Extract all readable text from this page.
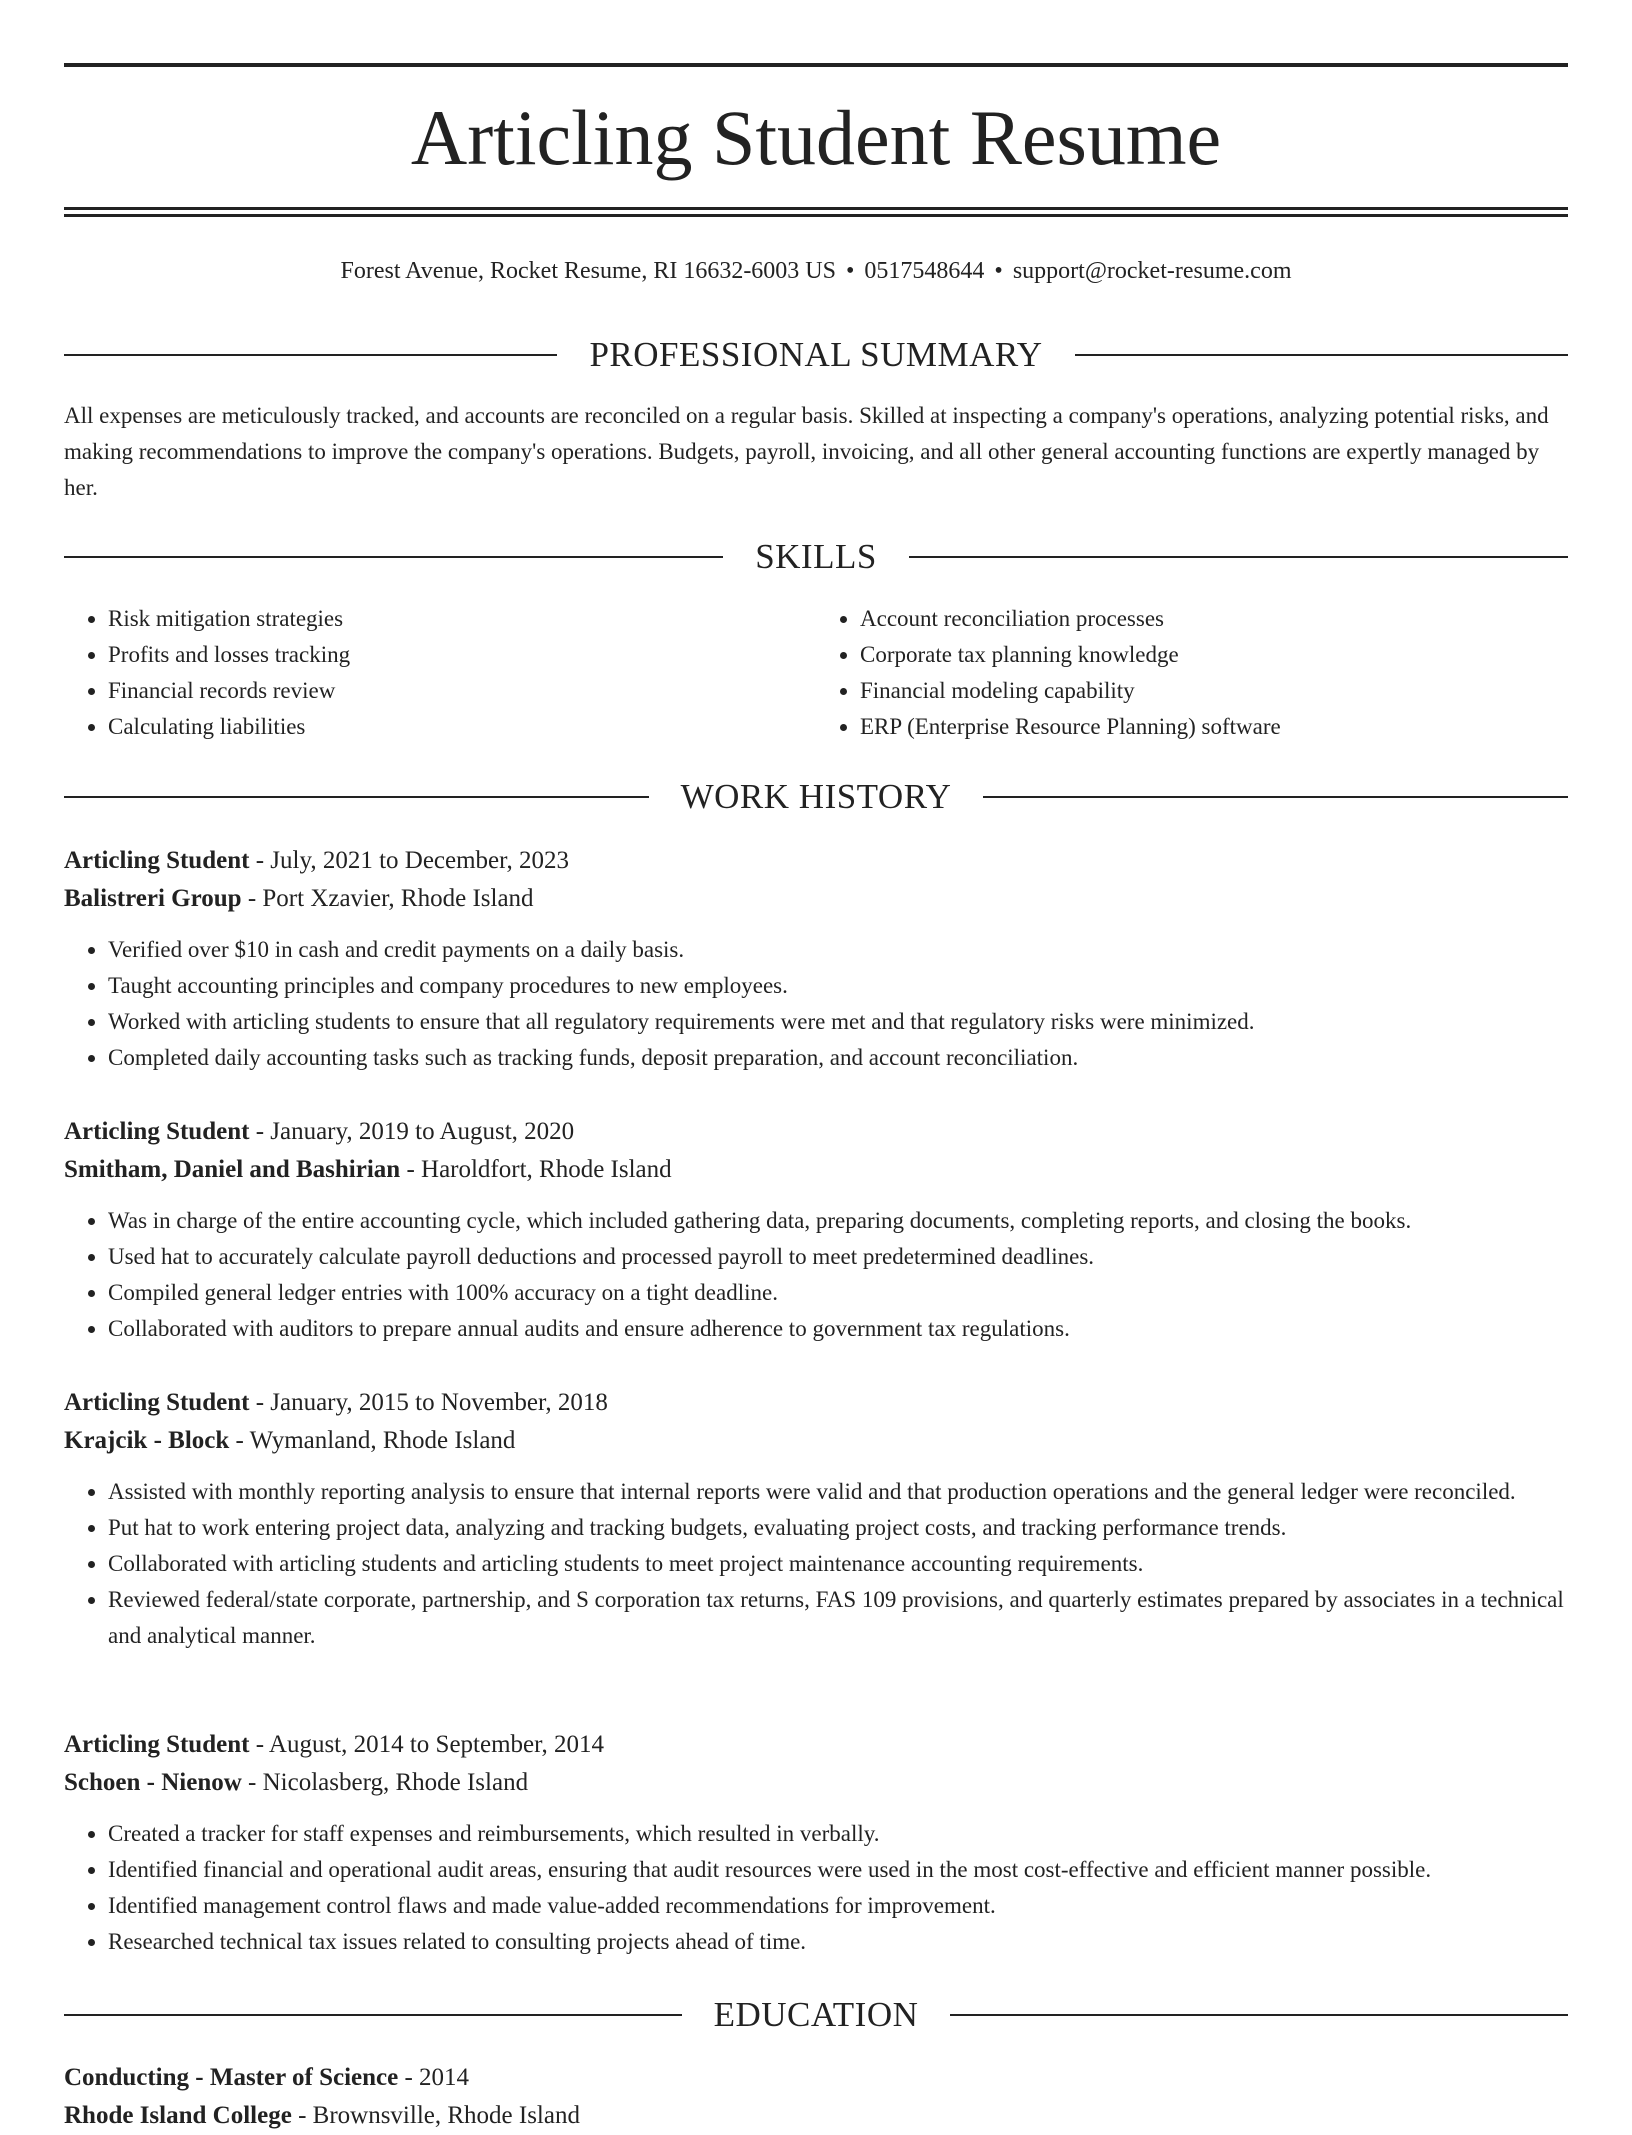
Articling Student Resume
Forest Avenue, Rocket Resume, RI 16632-6003 US • 0517548644 • support@rocket-resume.com
PROFESSIONAL SUMMARY

All expenses are meticulously tracked, and accounts are reconciled on a regular basis. Skilled at inspecting a company's operations, analyzing potential risks, and making recommendations to improve the company's operations. Budgets, payroll, invoicing, and all other general accounting functions are expertly managed by her.

SKILLS
• Risk mitigation strategies
• Profits and losses tracking
• Financial records review
• Calculating liabilities
• Account reconciliation processes
• Corporate tax planning knowledge
• Financial modeling capability
• ERP (Enterprise Resource Planning) software
WORK HISTORY
Articling Student - July, 2021 to December, 2023
Balistreri Group - Port Xzavier, Rhode Island
• Verified over $10 in cash and credit payments on a daily basis.
• Taught accounting principles and company procedures to new employees.
• Worked with articling students to ensure that all regulatory requirements were met and that regulatory risks were minimized.
• Completed daily accounting tasks such as tracking funds, deposit preparation, and account reconciliation.
Articling Student - January, 2019 to August, 2020
Smitham, Daniel and Bashirian - Haroldfort, Rhode Island
• Was in charge of the entire accounting cycle, which included gathering data, preparing documents, completing reports, and closing the books.
• Used hat to accurately calculate payroll deductions and processed payroll to meet predetermined deadlines.
• Compiled general ledger entries with 100% accuracy on a tight deadline.
• Collaborated with auditors to prepare annual audits and ensure adherence to government tax regulations.
Articling Student - January, 2015 to November, 2018
Krajcik - Block - Wymanland, Rhode Island
• Assisted with monthly reporting analysis to ensure that internal reports were valid and that production operations and the general ledger were reconciled.
• Put hat to work entering project data, analyzing and tracking budgets, evaluating project costs, and tracking performance trends.
• Collaborated with articling students and articling students to meet project maintenance accounting requirements.
• Reviewed federal/state corporate, partnership, and S corporation tax returns, FAS 109 provisions, and quarterly estimates prepared by associates in a technical and analytical manner.
Articling Student - August, 2014 to September, 2014
Schoen - Nienow - Nicolasberg, Rhode Island
• Created a tracker for staff expenses and reimbursements, which resulted in verbally.
• Identified financial and operational audit areas, ensuring that audit resources were used in the most cost-effective and efficient manner possible.
• Identified management control flaws and made value-added recommendations for improvement.
• Researched technical tax issues related to consulting projects ahead of time.
EDUCATION
Conducting - Master of Science - 2014
Rhode Island College - Brownsville, Rhode Island
